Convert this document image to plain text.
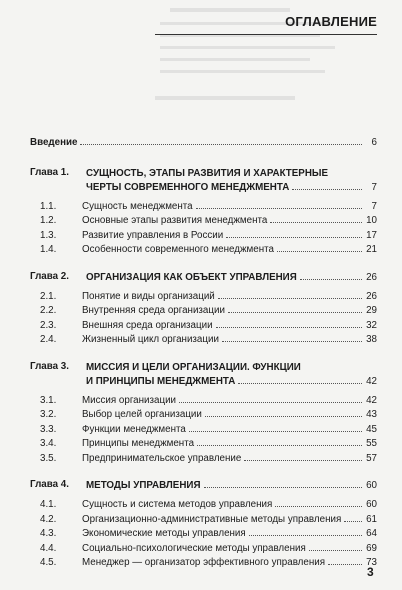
ОГЛАВЛЕНИЕ
Введение	6
Глава 1.	СУЩНОСТЬ, ЭТАПЫ РАЗВИТИЯ И ХАРАКТЕРНЫЕ
ЧЕРТЫ СОВРЕМЕННОГО МЕНЕДЖМЕНТА	7
1.1.	Сущность менеджмента	7
1.2.	Основные этапы развития менеджмента	10
1.3.	Развитие управления в России	17
1.4.	Особенности современного менеджмента	21
Глава 2.	ОРГАНИЗАЦИЯ КАК ОБЪЕКТ УПРАВЛЕНИЯ	26
2.1.	Понятие и виды организаций	26
2.2.	Внутренняя среда организации	29
2.3.	Внешняя среда организации	32
2.4.	Жизненный цикл организации	38
Глава 3.	МИССИЯ И ЦЕЛИ ОРГАНИЗАЦИИ. ФУНКЦИИ
И ПРИНЦИПЫ МЕНЕДЖМЕНТА	42
3.1.	Миссия организации	42
3.2.	Выбор целей организации	43
3.3.	Функции менеджмента	45
3.4.	Принципы менеджмента	55
3.5.	Предпринимательское управление	57
Глава 4.	МЕТОДЫ УПРАВЛЕНИЯ	60
4.1.	Сущность и система методов управления	60
4.2.	Организационно-административные методы управления	61
4.3.	Экономические методы управления	64
4.4.	Социально-психологические методы управления	69
4.5.	Менеджер — организатор эффективного управления	73
3
